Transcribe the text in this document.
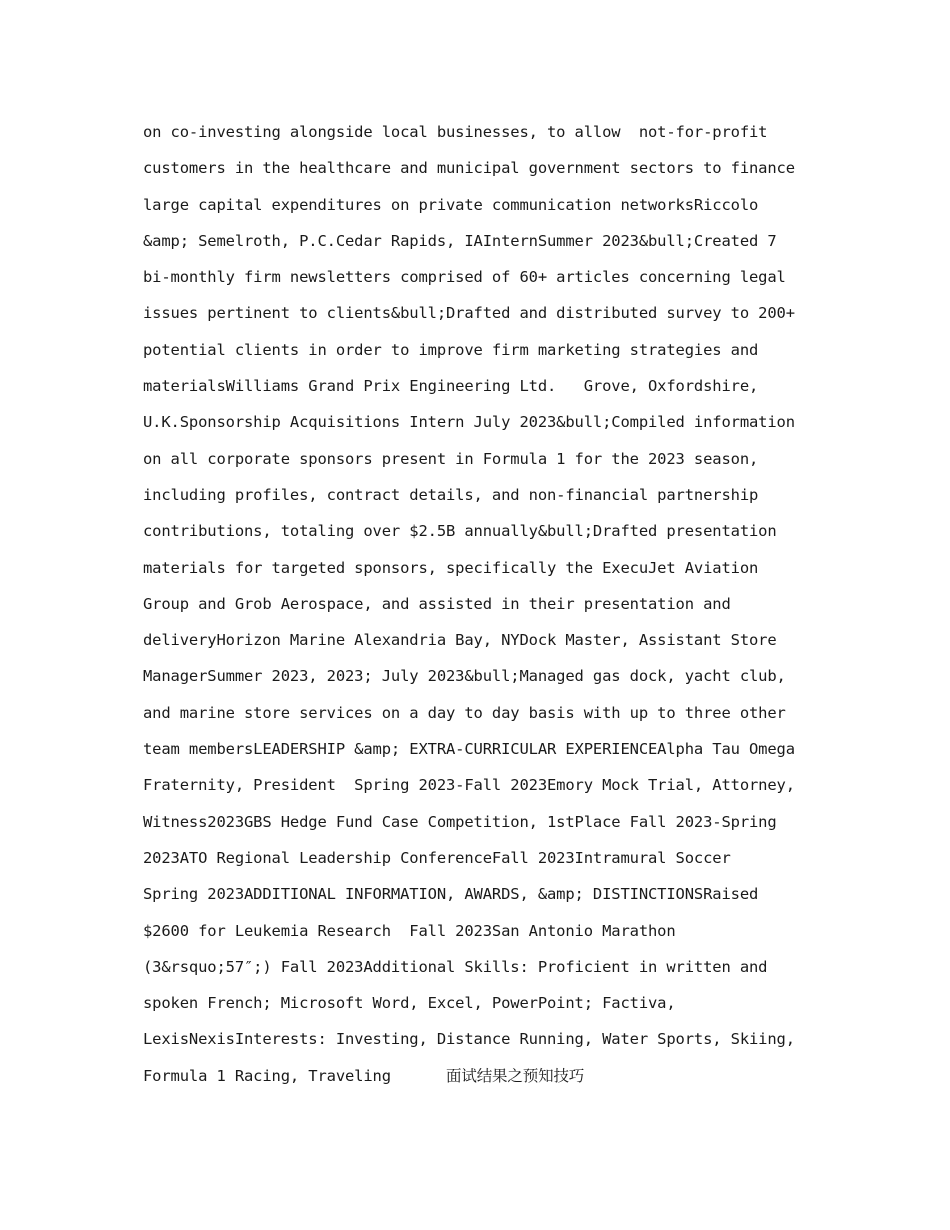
on co-investing alongside local businesses, to allow  not-for-profit
customers in the healthcare and municipal government sectors to finance
large capital expenditures on private communication networksRiccolo
&amp; Semelroth, P.C.Cedar Rapids, IAInternSummer 2023&bull;Created 7
bi-monthly firm newsletters comprised of 60+ articles concerning legal
issues pertinent to clients&bull;Drafted and distributed survey to 200+
potential clients in order to improve firm marketing strategies and
materialsWilliams Grand Prix Engineering Ltd.   Grove, Oxfordshire,
U.K.Sponsorship Acquisitions Intern July 2023&bull;Compiled information
on all corporate sponsors present in Formula 1 for the 2023 season,
including profiles, contract details, and non-financial partnership
contributions, totaling over $2.5B annually&bull;Drafted presentation
materials for targeted sponsors, specifically the ExecuJet Aviation
Group and Grob Aerospace, and assisted in their presentation and
deliveryHorizon Marine Alexandria Bay, NYDock Master, Assistant Store
ManagerSummer 2023, 2023; July 2023&bull;Managed gas dock, yacht club,
and marine store services on a day to day basis with up to three other
team membersLEADERSHIP &amp; EXTRA-CURRICULAR EXPERIENCEAlpha Tau Omega
Fraternity, President  Spring 2023-Fall 2023Emory Mock Trial, Attorney,
Witness2023GBS Hedge Fund Case Competition, 1stPlace Fall 2023-Spring
2023ATO Regional Leadership ConferenceFall 2023Intramural Soccer
Spring 2023ADDITIONAL INFORMATION, AWARDS, &amp; DISTINCTIONSRaised
$2600 for Leukemia Research  Fall 2023San Antonio Marathon
(3&rsquo;57″;) Fall 2023Additional Skills: Proficient in written and
spoken French; Microsoft Word, Excel, PowerPoint; Factiva,
LexisNexisInterests: Investing, Distance Running, Water Sports, Skiing,
Formula 1 Racing, Traveling      面试结果之预知技巧
